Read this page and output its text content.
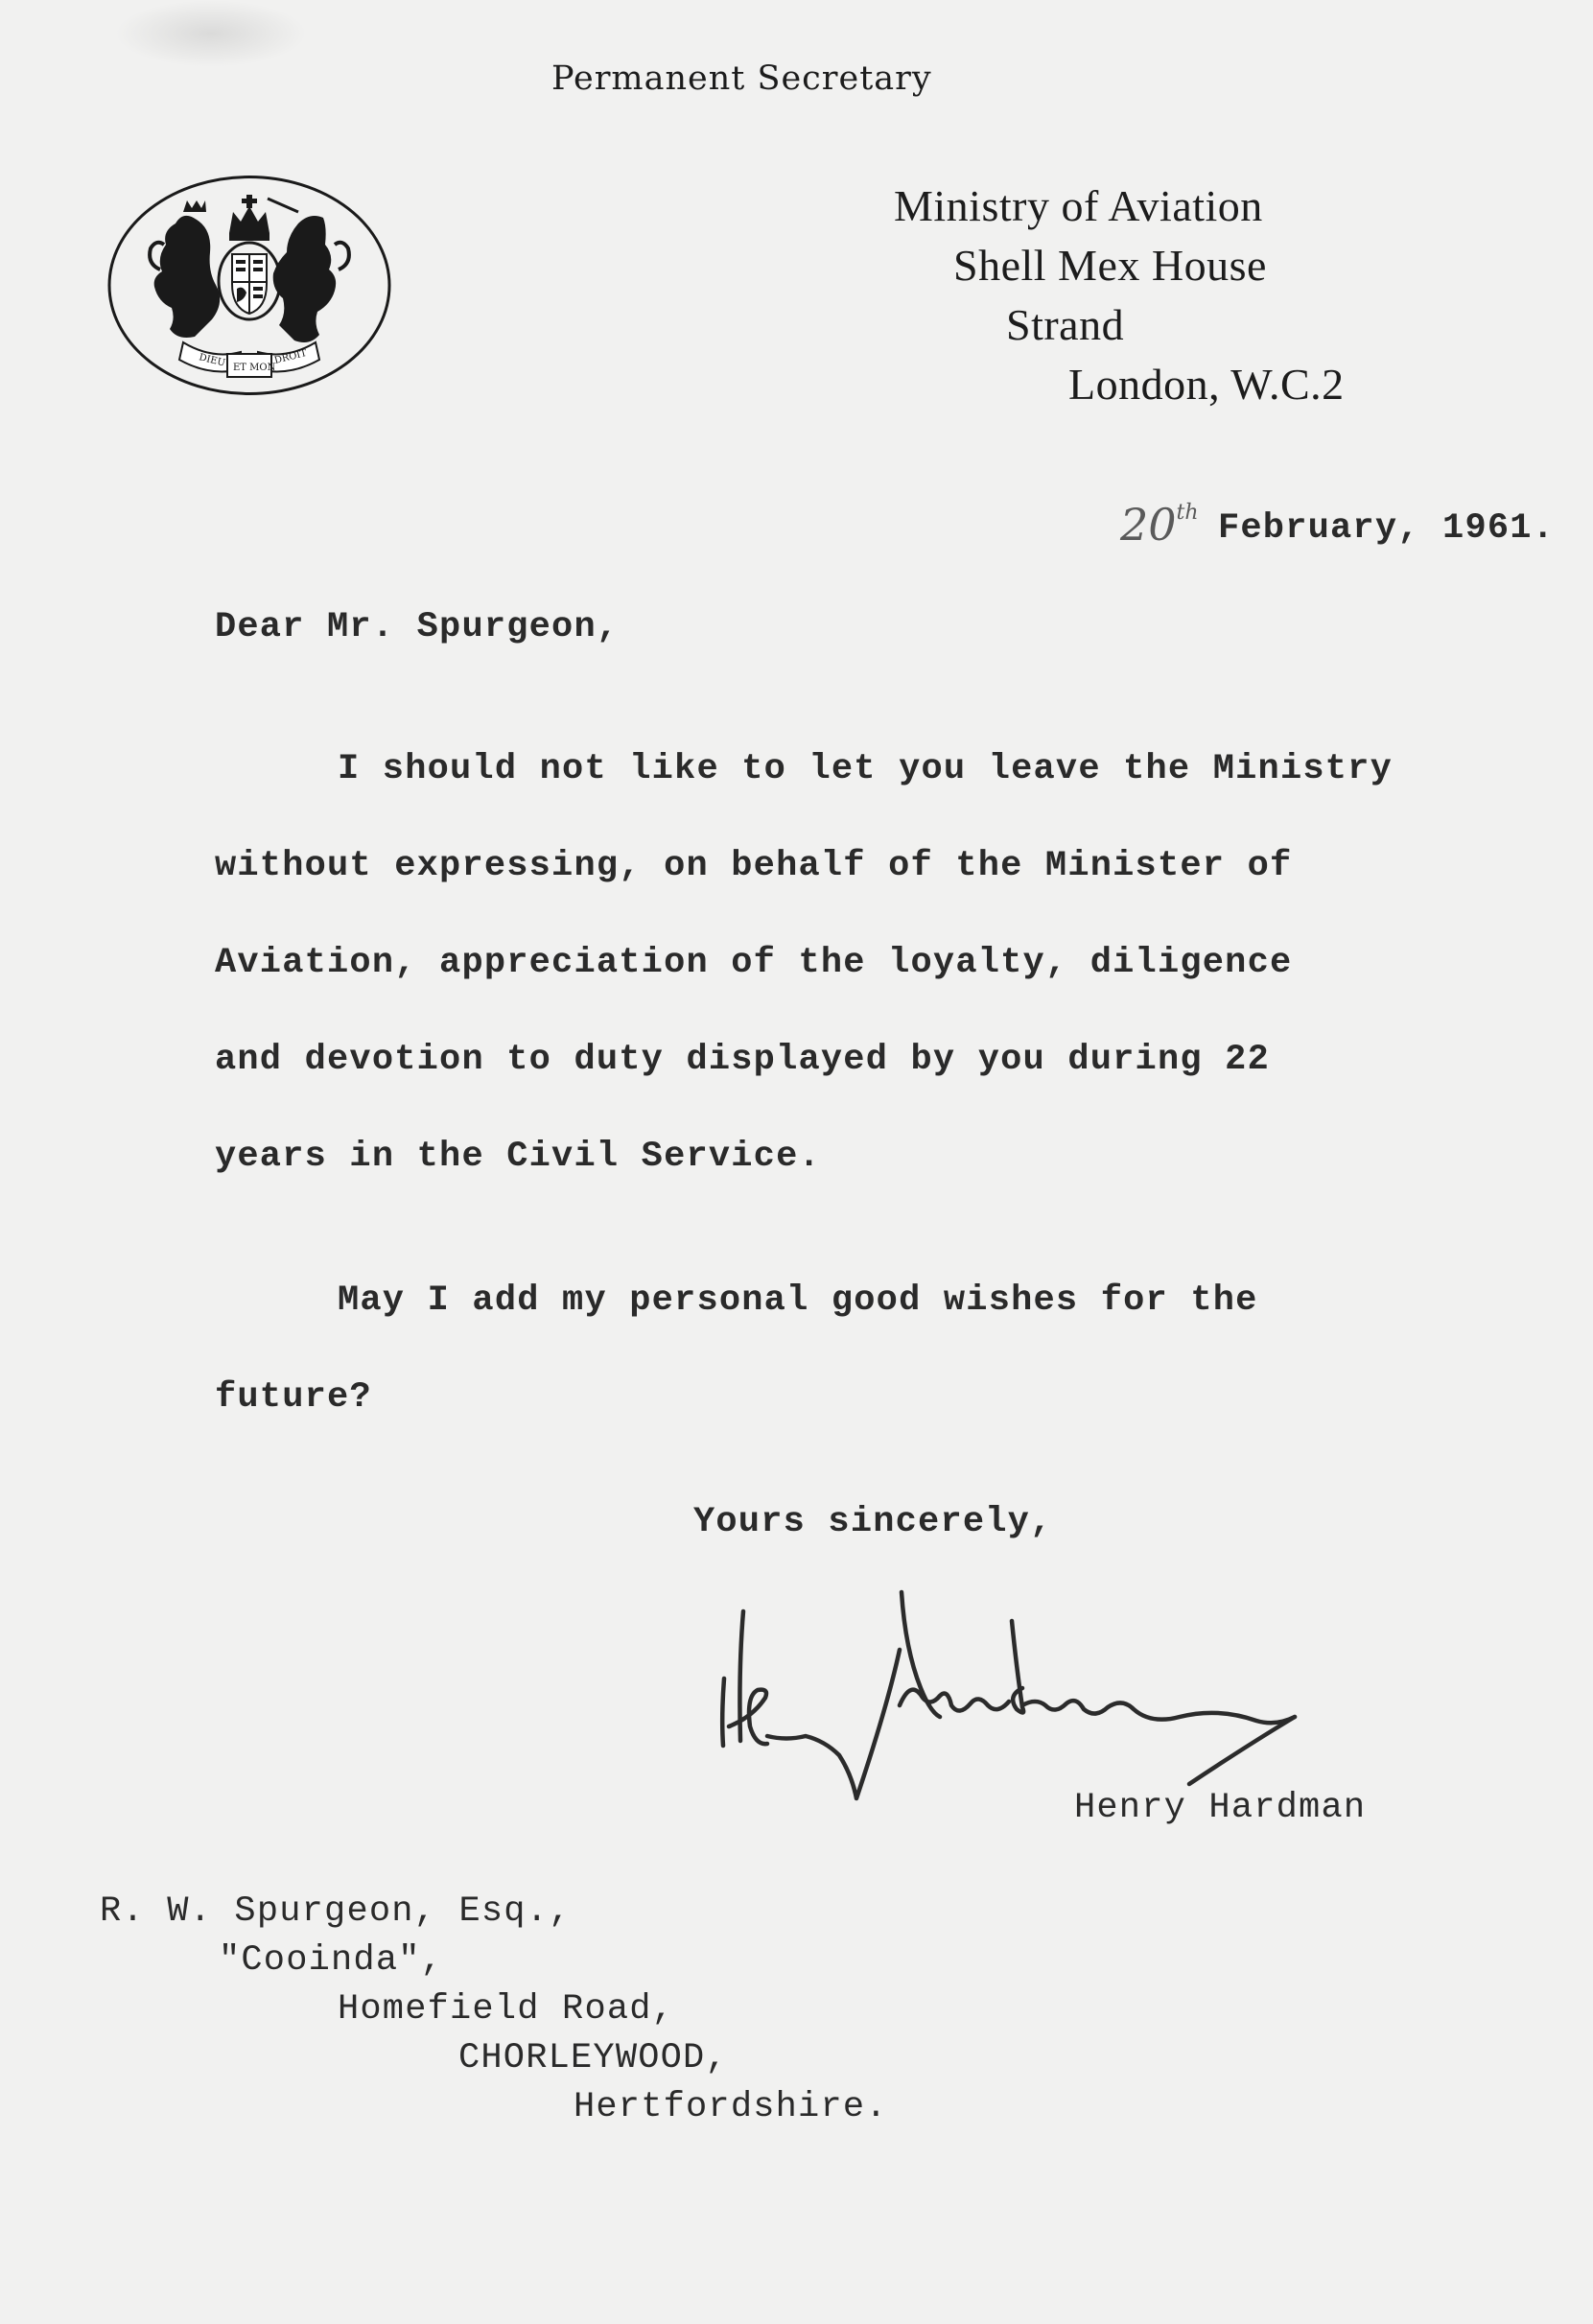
Permanent Secretary
DIEU ET MON
DROIT
Ministry of Aviation
Shell Mex House
Strand
London, W.C.2
20th February, 1961.
Dear Mr. Spurgeon,
I should not like to let you leave the Ministry
without expressing, on behalf of the Minister of
Aviation, appreciation of the loyalty, diligence
and devotion to duty displayed by you during 22
years in the Civil Service.
May I add my personal good wishes for the
future?
Yours sincerely,
Henry Hardman
R. W. Spurgeon, Esq.,
"Cooinda",
Homefield Road,
CHORLEYWOOD,
Hertfordshire.
